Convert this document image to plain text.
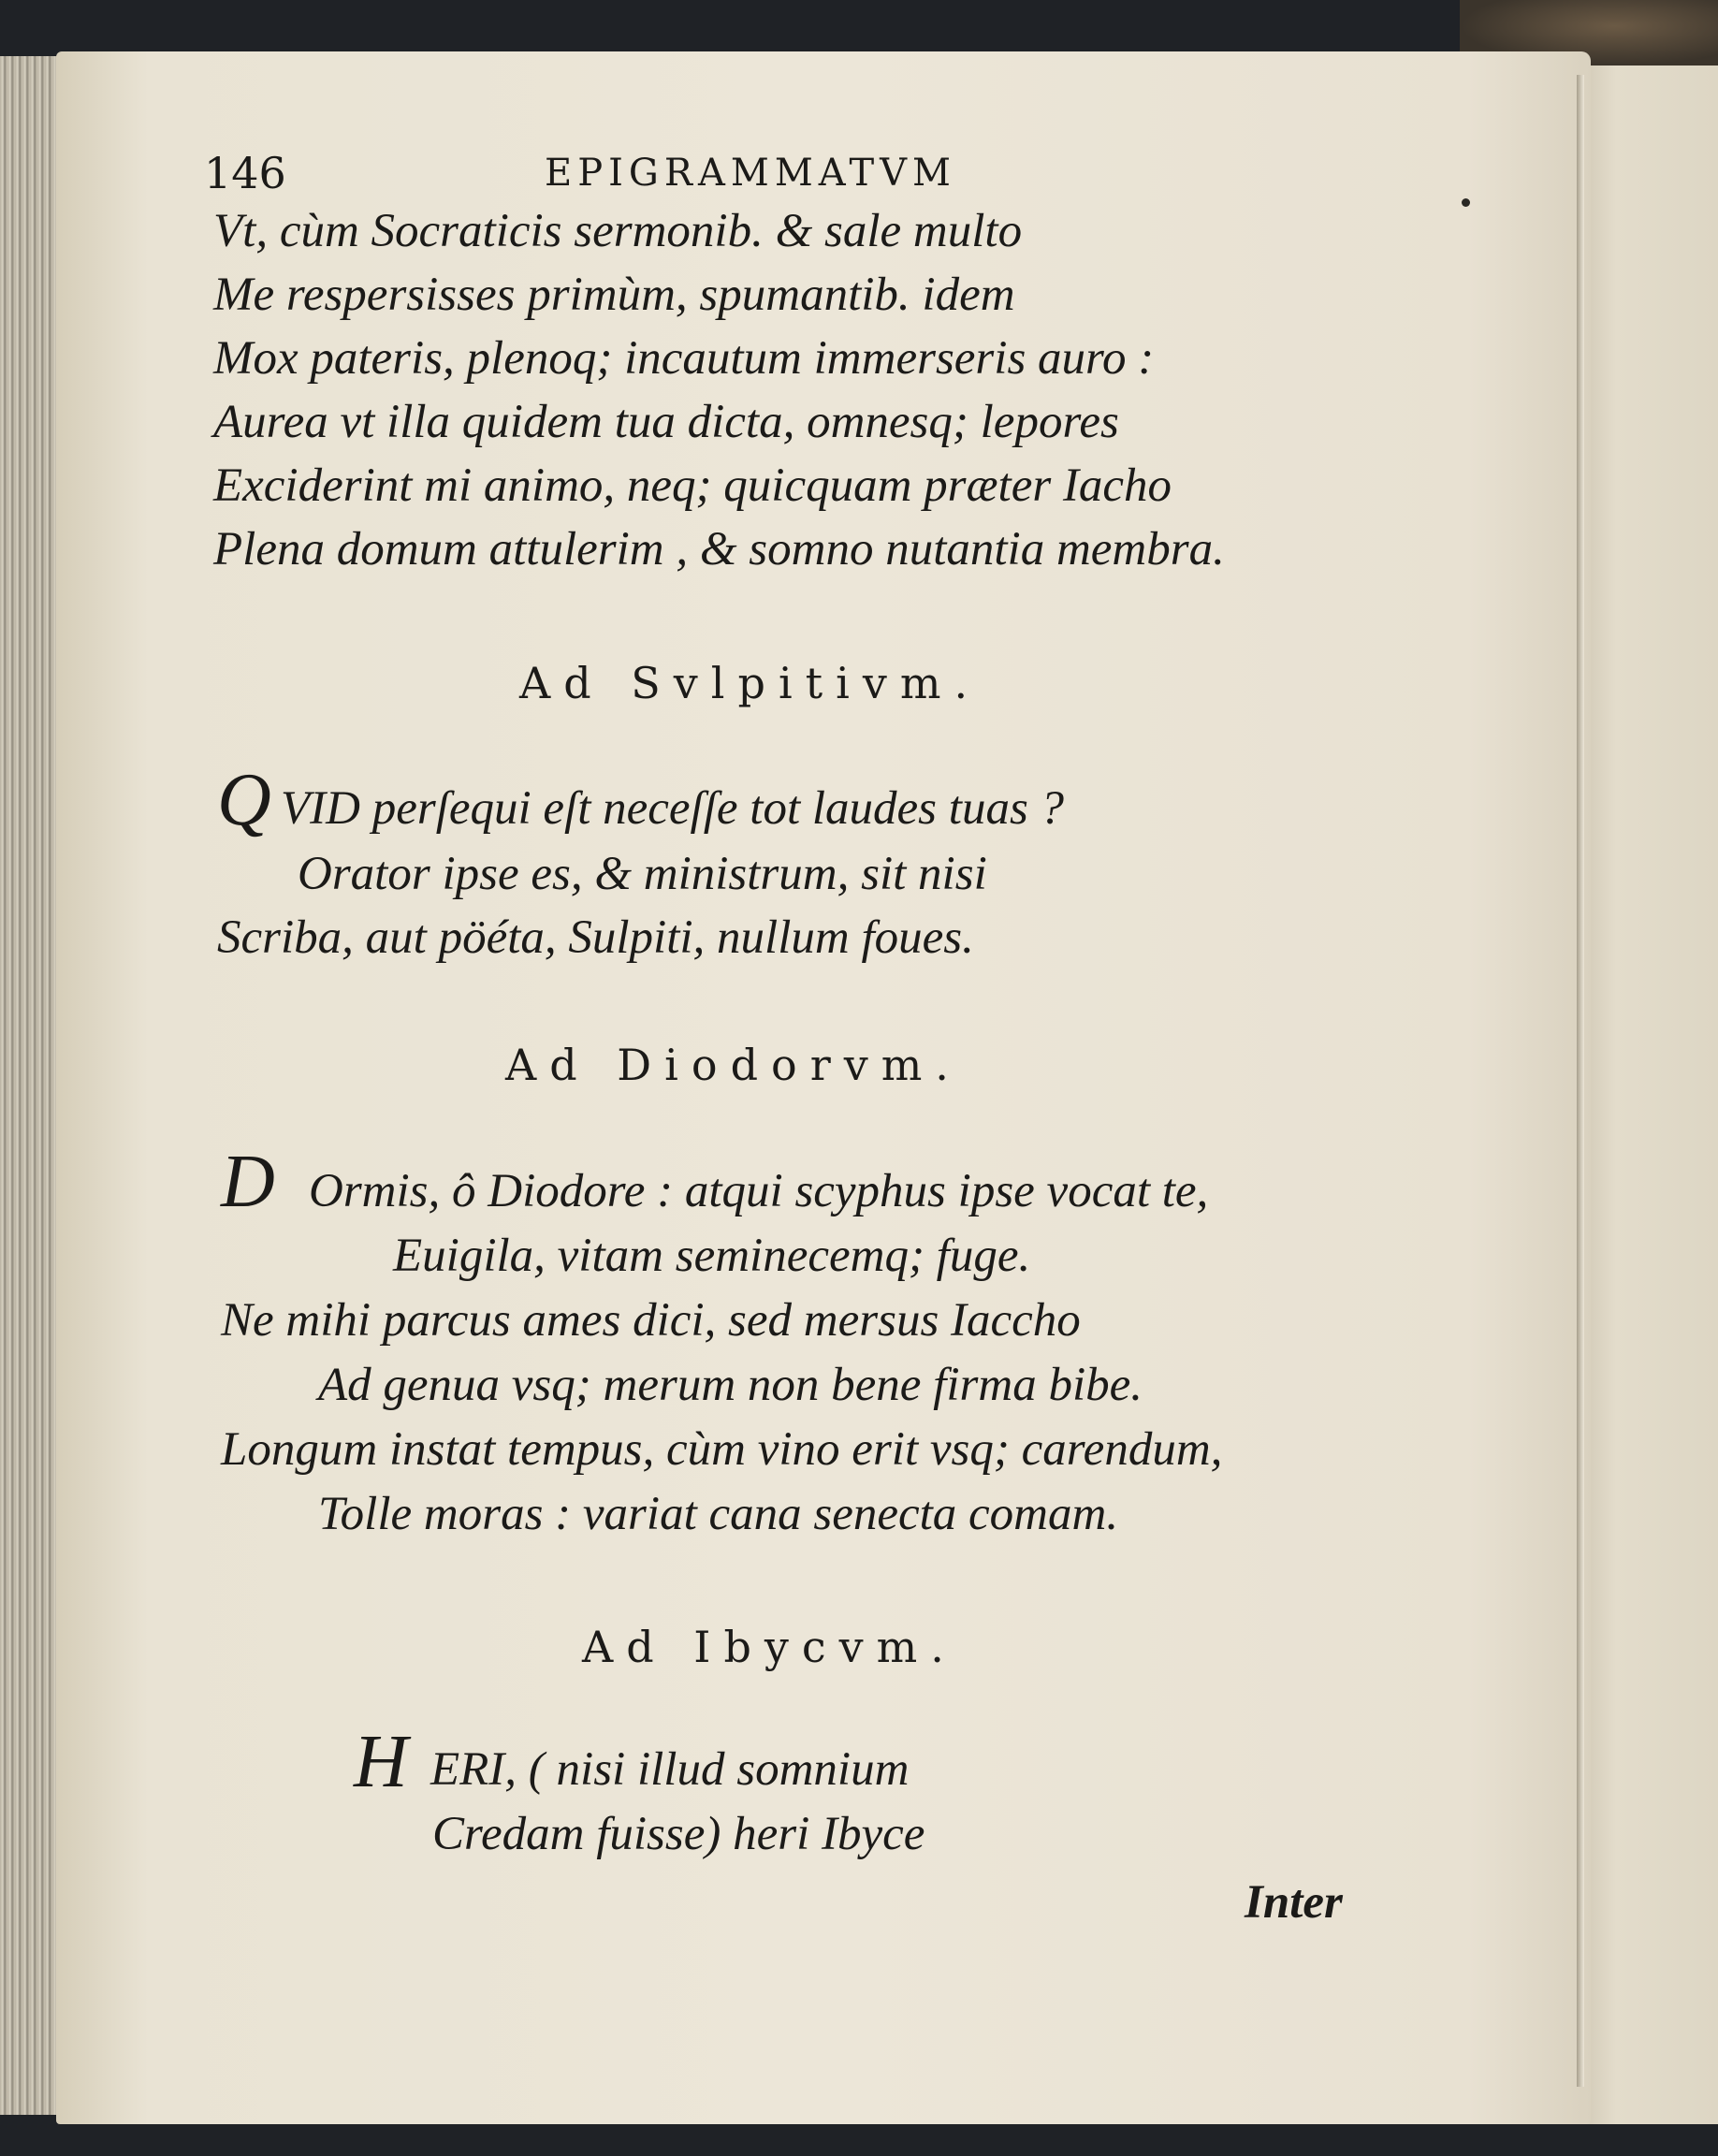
146	EPIGRAMMATVM
Vt, cùm Socraticis sermonib. & sale multo
Me respersisses primùm, spumantib. idem
Mox pateris, plenoq; incautum immerseris auro :
Aurea vt illa quidem tua dicta, omnesq; lepores
Exciderint mi animo, neq; quicquam præter Iacho
Plena domum attulerim , & somno nutantia membra.
Ad Svlpitivm.
Q VID perſequi eſt neceſſe tot laudes tuas ?
Orator ipse es, & ministrum, sit nisi
Scriba, aut pöéta, Sulpiti, nullum foues.
Ad Diodorvm.
D Ormis, ô Diodore : atqui scyphus ipse vocat te,
Euigila, vitam seminecemq; fuge.
Ne mihi parcus ames dici, sed mersus Iaccho
Ad genua vsq; merum non bene firma bibe.
Longum instat tempus, cùm vino erit vsq; carendum,
Tolle moras : variat cana senecta comam.
Ad Ibycvm.
H ERI, ( nisi illud somnium
Credam fuisse) heri Ibyce
Inter
